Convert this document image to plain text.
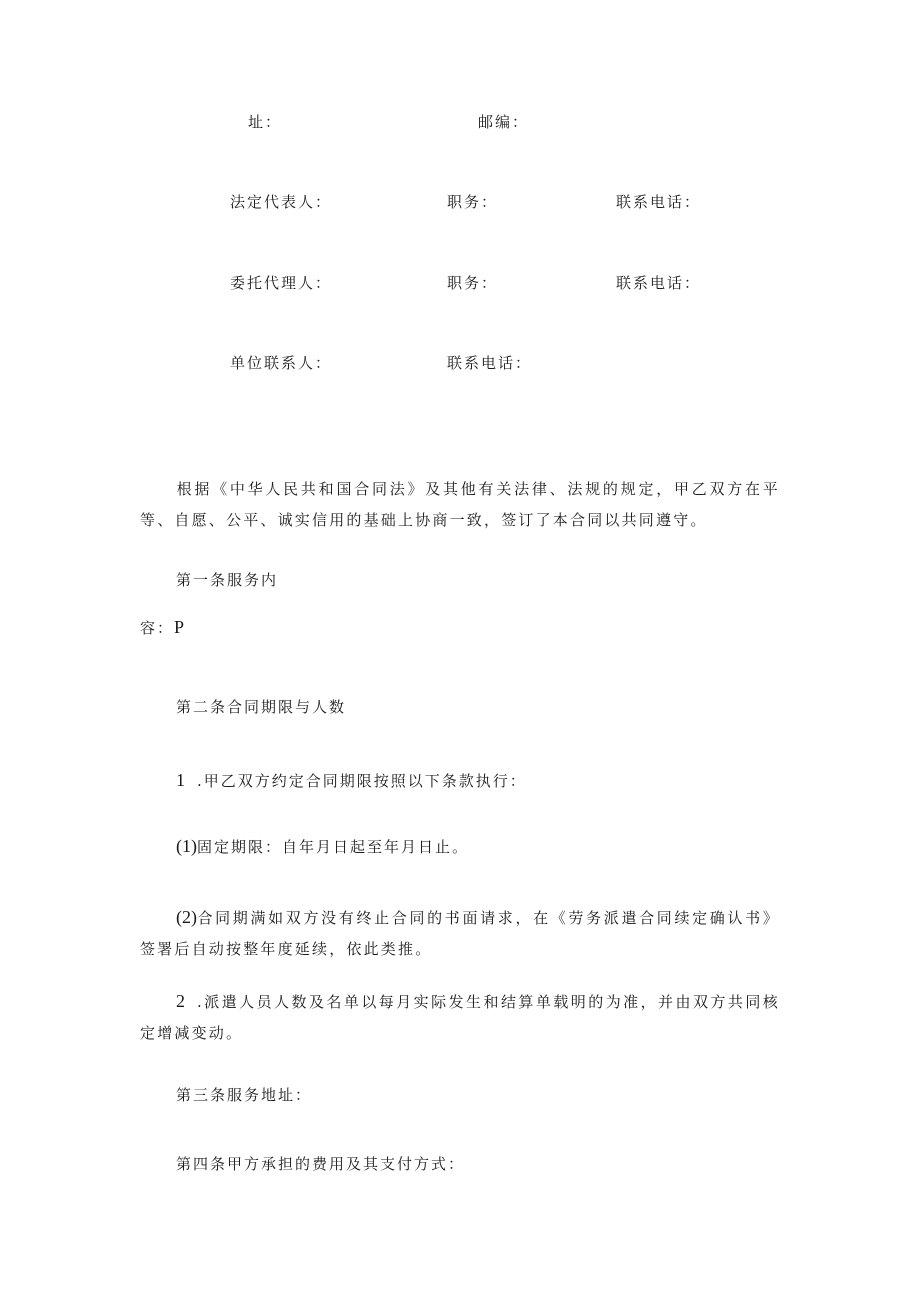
址：	邮编：
法定代表人：	职务：	联系电话：
委托代理人：	职务：	联系电话：
单位联系人：	联系电话：
根据《中华人民共和国合同法》及其他有关法律、法规的规定，甲乙双方在平等、自愿、公平、诚实信用的基础上协商一致，签订了本合同以共同遵守。
第一条服务内
容：P
第二条合同期限与人数
1 .甲乙双方约定合同期限按照以下条款执行：
(1)固定期限：自年月日起至年月日止。
(2)合同期满如双方没有终止合同的书面请求，在《劳务派遣合同续定确认书》签署后自动按整年度延续，依此类推。
2 .派遣人员人数及名单以每月实际发生和结算单载明的为准，并由双方共同核定增减变动。
第三条服务地址：
第四条甲方承担的费用及其支付方式：
